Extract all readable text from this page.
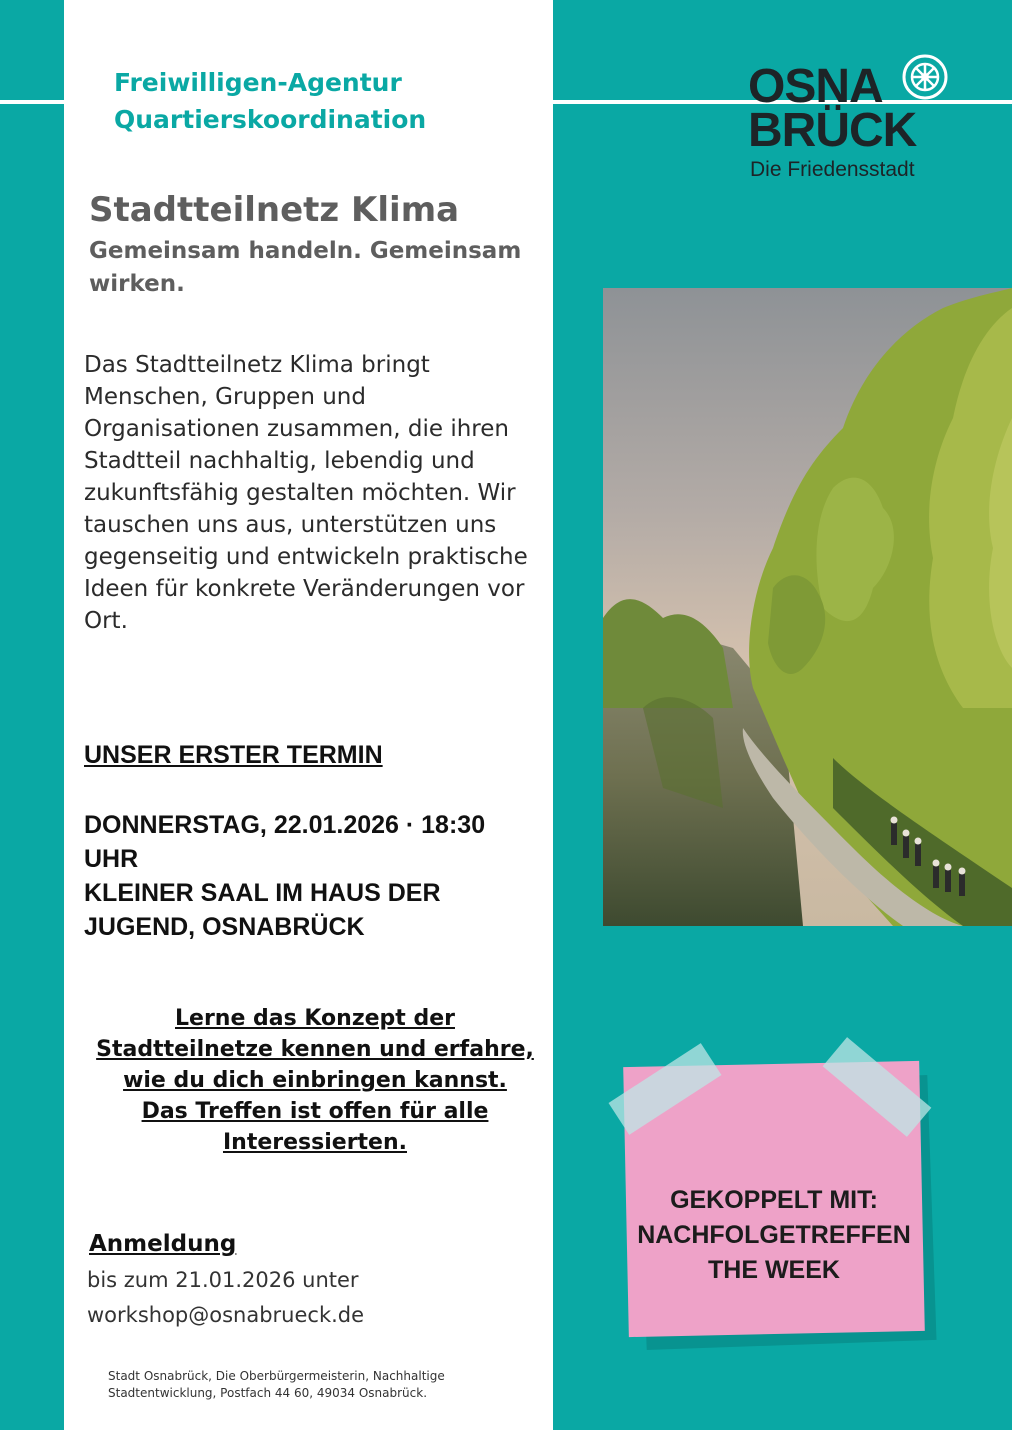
Freiwilligen-Agentur
Quartierskoordination
Stadtteilnetz Klima
Gemeinsam handeln. Gemeinsam wirken.
Das Stadtteilnetz Klima bringt Menschen, Gruppen und Organisationen zusammen, die ihren Stadtteil nachhaltig, lebendig und zukunftsfähig gestalten möchten. Wir tauschen uns aus, unterstützen uns gegenseitig und entwickeln praktische Ideen für konkrete Veränderungen vor Ort.
UNSER ERSTER TERMIN
DONNERSTAG, 22.01.2026 · 18:30 UHR
KLEINER SAAL IM HAUS DER JUGEND, OSNABRÜCK
Lerne das Konzept der
Stadtteilnetze kennen und erfahre,
wie du dich einbringen kannst.
Das Treffen ist offen für alle
Interessierten.
Anmeldung
bis zum 21.01.2026 unter
workshop@osnabrueck.de
Stadt Osnabrück, Die Oberbürgermeisterin, Nachhaltige Stadtentwicklung, Postfach 44 60, 49034 Osnabrück.
OSNA
BRÜCK
Die Friedensstadt
GEKOPPELT MIT:
NACHFOLGETREFFEN
THE WEEK
